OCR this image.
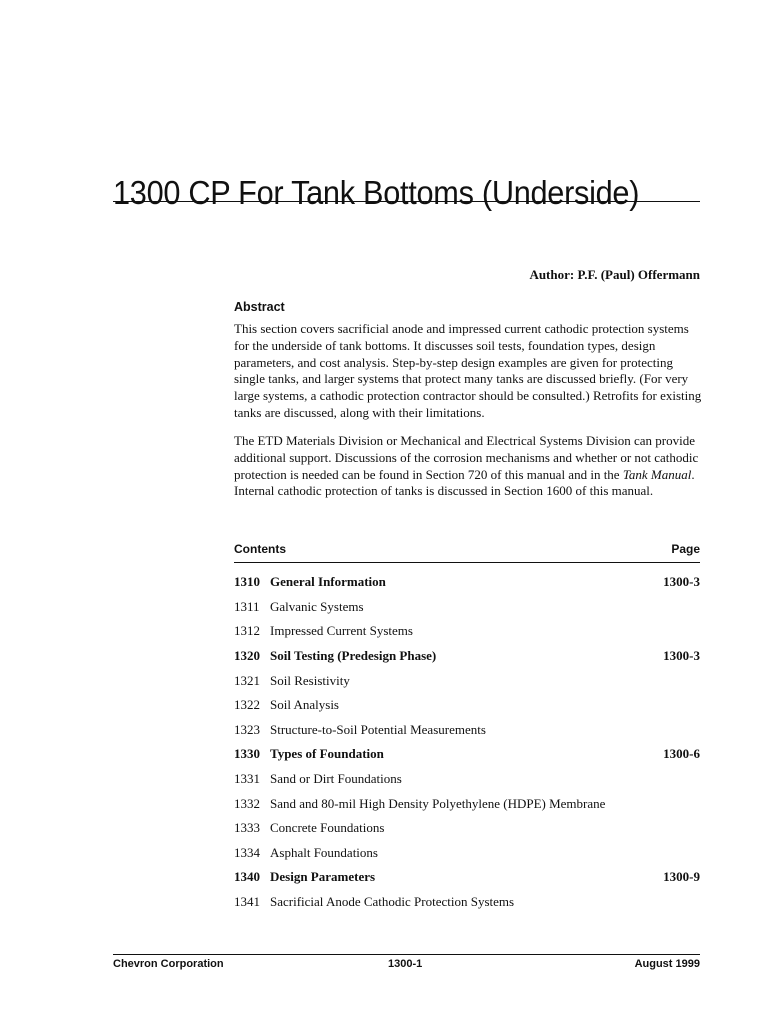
1300 CP For Tank Bottoms (Underside)
Author: P.F. (Paul) Offermann
Abstract

This section covers sacrificial anode and impressed current cathodic protection systems for the underside of tank bottoms. It discusses soil tests, foundation types, design parameters, and cost analysis. Step-by-step design examples are given for protecting single tanks, and larger systems that protect many tanks are discussed briefly. (For very large systems, a cathodic protection contractor should be consulted.) Retrofits for existing tanks are discussed, along with their limitations.

The ETD Materials Division or Mechanical and Electrical Systems Division can provide additional support. Discussions of the corrosion mechanisms and whether or not cathodic protection is needed can be found in Section 720 of this manual and in the Tank Manual. Internal cathodic protection of tanks is discussed in Section 1600 of this manual.

Contents	Page
1310 General Information	1300-3
1311 Galvanic Systems
1312 Impressed Current Systems
1320 Soil Testing (Predesign Phase)	1300-3
1321 Soil Resistivity
1322 Soil Analysis
1323 Structure-to-Soil Potential Measurements
1330 Types of Foundation	1300-6
1331 Sand or Dirt Foundations
1332 Sand and 80-mil High Density Polyethylene (HDPE) Membrane
1333 Concrete Foundations
1334 Asphalt Foundations
1340 Design Parameters	1300-9
1341 Sacrificial Anode Cathodic Protection Systems
Chevron Corporation	1300-1	August 1999
